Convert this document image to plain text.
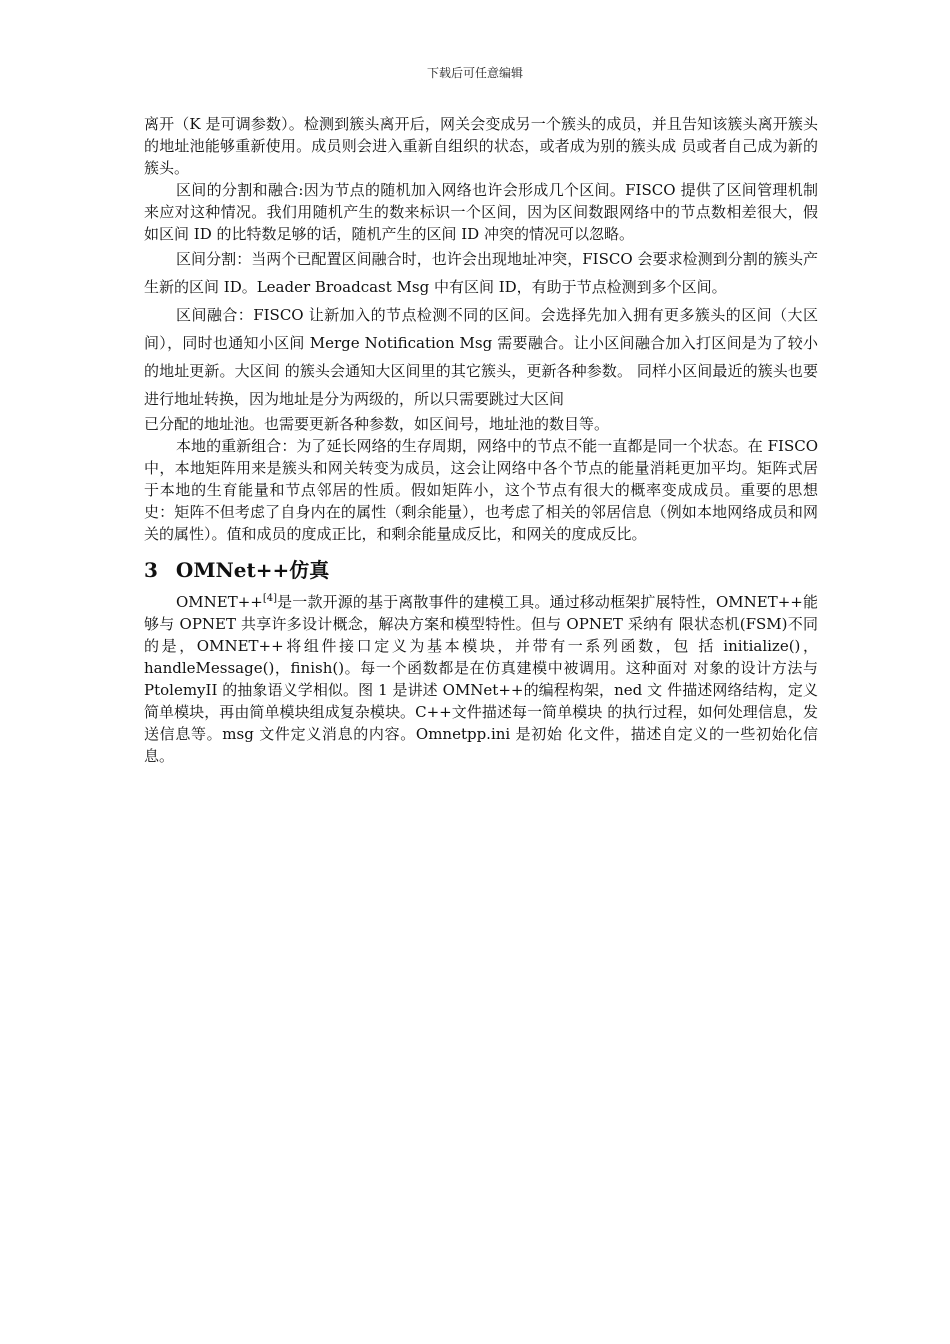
下载后可任意编辑

离开（K 是可调参数）。检测到簇头离开后，网关会变成另一个簇头的成员，并且告知该簇头离开簇头的地址池能够重新使用。成员则会进入重新自组织的状态，或者成为别的簇头成 员或者自己成为新的簇头。

区间的分割和融合:因为节点的随机加入网络也许会形成几个区间。FISCO 提供了区间管理机制来应对这种情况。我们用随机产生的数来标识一个区间，因为区间数跟网络中的节点数相差很大，假如区间 ID 的比特数足够的话，随机产生的区间 ID 冲突的情况可以忽略。

区间分割：当两个已配置区间融合时，也许会出现地址冲突，FISCO 会要求检测到分割的簇头产生新的区间 ID。Leader Broadcast Msg 中有区间 ID，有助于节点检测到多个区间。

区间融合：FISCO 让新加入的节点检测不同的区间。会选择先加入拥有更多簇头的区间（大区间），同时也通知小区间 Merge Notification Msg 需要融合。让小区间融合加入打区间是为了较小的地址更新。大区间 的簇头会通知大区间里的其它簇头，更新各种参数。 同样小区间最近的簇头也要进行地址转换，因为地址是分为两级的，所以只需要跳过大区间

已分配的地址池。也需要更新各种参数，如区间号，地址池的数目等。

本地的重新组合：为了延长网络的生存周期，网络中的节点不能一直都是同一个状态。在 FISCO 中，本地矩阵用来是簇头和网关转变为成员，这会让网络中各个节点的能量消耗更加平均。矩阵式居于本地的生育能量和节点邻居的性质。假如矩阵小，这个节点有很大的概率变成成员。重要的思想史：矩阵不但考虑了自身内在的属性（剩余能量），也考虑了相关的邻居信息（例如本地网络成员和网关的属性）。值和成员的度成正比，和剩余能量成反比，和网关的度成反比。

3 OMNet++仿真

OMNET++[4]是一款开源的基于离散事件的建模工具。通过移动框架扩展特性，OMNET++能够与 OPNET 共享许多设计概念，解决方案和模型特性。但与 OPNET 采纳有 限状态机(FSM)不同的是，OMNET++将组件接口定义为基本模块，并带有一系列函数，包 括 initialize()，handleMessage()，finish()。每一个函数都是在仿真建模中被调用。这种面对 对象的设计方法与 PtolemyII 的抽象语义学相似。图 1 是讲述 OMNet++的编程构架，ned 文 件描述网络结构，定义简单模块，再由简单模块组成复杂模块。C++文件描述每一简单模块 的执行过程，如何处理信息，发送信息等。msg 文件定义消息的内容。Omnetpp.ini 是初始 化文件，描述自定义的一些初始化信息。
